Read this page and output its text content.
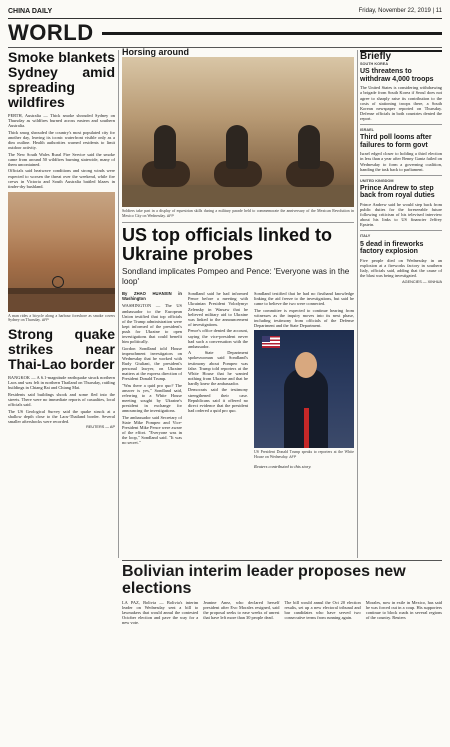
CHINA DAILY	Friday, November 22, 2019 | 11
WORLD
Smoke blankets Sydney amid spreading wildfires

PERTH, Australia — Thick smoke shrouded Sydney on Thursday as wildfires burned across eastern and southern Australia.

Thick smog shrouded the country's most populated city for another day, leaving its iconic waterfront visible only as a dim outline. Health authorities warned residents to limit outdoor activity.

The New South Wales Rural Fire Service said the smoke came from around 50 wildfires burning statewide, many of them uncontained.

Officials said heatwave conditions and strong winds were expected to worsen the threat over the weekend, while fire crews in Victoria and South Australia battled blazes in tinder-dry bushland.

A man rides a bicycle along a harbour foreshore as smoke covers Sydney on Thursday. AFP
Strong quake strikes near Thai-Lao border

BANGKOK — A 6.1-magnitude earthquake struck northern Laos and was felt in northern Thailand on Thursday, rattling buildings in Chiang Rai and Chiang Mai.

Residents said buildings shook and some fled into the streets. There were no immediate reports of casualties, local officials said.

The US Geological Survey said the quake struck at a shallow depth close to the Laos-Thailand border. Several smaller aftershocks were recorded.

REUTERS — AP
Horsing around
Soldiers take part in a display of equestrian skills during a military parade held to commemorate the anniversary of the Mexican Revolution in Mexico City on Wednesday. AFP
US top officials linked to Ukraine probes
Sondland implicates Pompeo and Pence: 'Everyone was in the loop'
By ZHAO HUANXIN in Washington

WASHINGTON — The US ambassador to the European Union testified that top officials of the Trump administration were kept informed of the president's push for Ukraine to open investigations that could benefit him politically.

Gordon Sondland told House impeachment investigators on Wednesday that he worked with Rudy Giuliani, the president's personal lawyer, on Ukraine matters at the express direction of President Donald Trump.

"Was there a quid pro quo? The answer is yes," Sondland said, referring to a White House meeting sought by Ukraine's president in exchange for announcing the investigations.

The ambassador said Secretary of State Mike Pompeo and Vice-President Mike Pence were aware of the effort. "Everyone was in the loop," Sondland said. "It was no secret."

Sondland said he had informed Pence before a meeting with Ukrainian President Volodymyr Zelensky in Warsaw that he believed military aid to Ukraine was linked to the announcement of investigations.

Pence's office denied the account, saying the vice-president never had such a conversation with the ambassador.

A State Department spokeswoman said Sondland's testimony about Pompeo was false. Trump told reporters at the White House that he wanted nothing from Ukraine and that he hardly knew the ambassador.

Democrats said the testimony strengthened their case. Republicans said it offered no direct evidence that the president had ordered a quid pro quo.

Sondland testified that he had no firsthand knowledge linking the aid freeze to the investigations, but said he came to believe the two were connected.

The committee is expected to continue hearing from witnesses as the inquiry moves into its next phase, including testimony from officials of the Defense Department and the State Department.

US President Donald Trump speaks to reporters at the White House on Wednesday. AFP

Reuters contributed to this story.

Briefly
SOUTH KOREA
US threatens to withdraw 4,000 troops

The United States is considering withdrawing a brigade from South Korea if Seoul does not agree to sharply raise its contribution to the costs of stationing troops there, a South Korean newspaper reported on Thursday. Defense officials in both countries denied the report.

ISRAEL
Third poll looms after failures to form govt

Israel edged closer to holding a third election in less than a year after Benny Gantz failed on Wednesday to form a governing coalition, handing the task back to parliament.

UNITED KINGDOM
Prince Andrew to step back from royal duties

Prince Andrew said he would step back from public duties for the foreseeable future following criticism of his televised interview about his links to US financier Jeffrey Epstein.

ITALY
5 dead in fireworks factory explosion

Five people died on Wednesday in an explosion at a fireworks factory in southern Italy, officials said, adding that the cause of the blast was being investigated.

AGENCIES — XINHUA
Bolivian interim leader proposes new elections
LA PAZ, Bolivia — Bolivia's interim leader on Wednesday sent a bill to lawmakers that would annul the contested October election and pave the way for a new vote.
Jeanine Anez, who declared herself president after Evo Morales resigned, said the proposal seeks to ease weeks of unrest that have left more than 30 people dead.
The bill would annul the Oct 20 election results, set up a new electoral tribunal and bar candidates who have served two consecutive terms from running again.
Morales, now in exile in Mexico, has said he was forced out in a coup. His supporters continue to block roads in several regions of the country. Reuters
